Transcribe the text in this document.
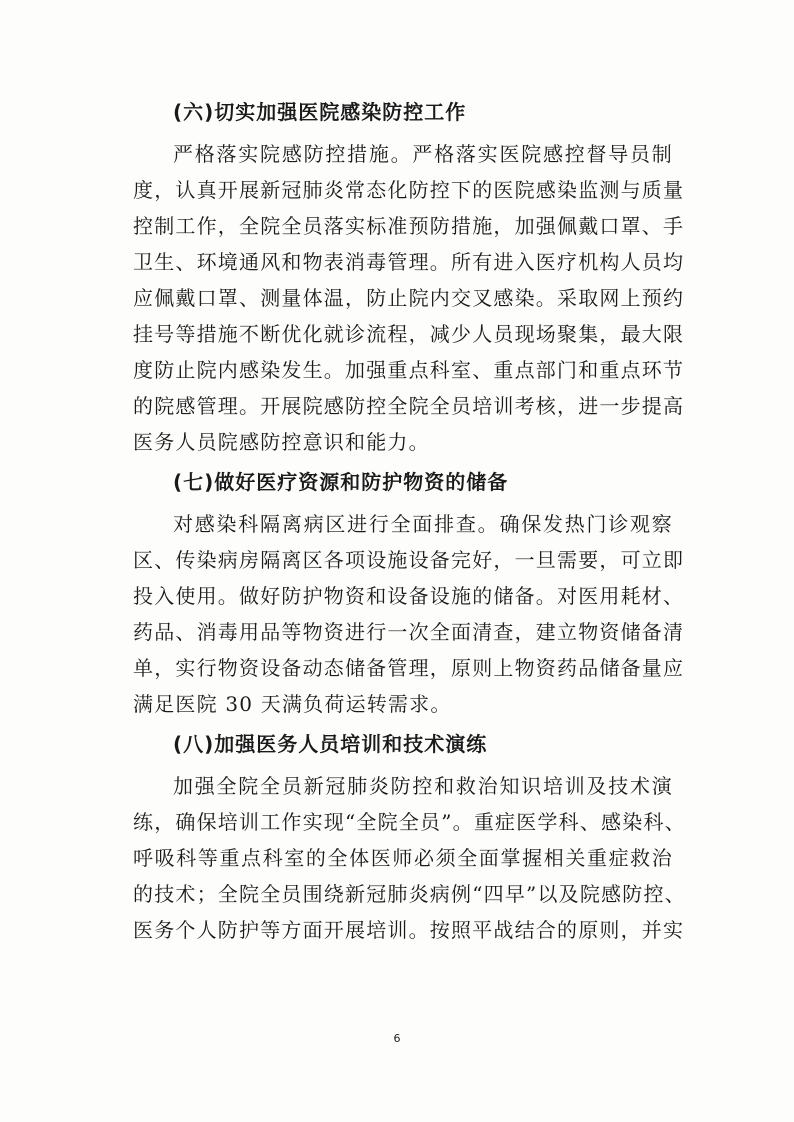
(六)切实加强医院感染防控工作

严格落实院感防控措施。严格落实医院感控督导员制
度，认真开展新冠肺炎常态化防控下的医院感染监测与质量
控制工作，全院全员落实标准预防措施，加强佩戴口罩、手
卫生、环境通风和物表消毒管理。所有进入医疗机构人员均
应佩戴口罩、测量体温，防止院内交叉感染。采取网上预约
挂号等措施不断优化就诊流程，减少人员现场聚集，最大限
度防止院内感染发生。加强重点科室、重点部门和重点环节
的院感管理。开展院感防控全院全员培训考核，进一步提高
医务人员院感防控意识和能力。

(七)做好医疗资源和防护物资的储备

对感染科隔离病区进行全面排查。确保发热门诊观察
区、传染病房隔离区各项设施设备完好，一旦需要，可立即
投入使用。做好防护物资和设备设施的储备。对医用耗材、
药品、消毒用品等物资进行一次全面清查，建立物资储备清
单，实行物资设备动态储备管理，原则上物资药品储备量应
满足医院 30 天满负荷运转需求。

(八)加强医务人员培训和技术演练

加强全院全员新冠肺炎防控和救治知识培训及技术演
练，确保培训工作实现“全院全员”。重症医学科、感染科、
呼吸科等重点科室的全体医师必须全面掌握相关重症救治
的技术；全院全员围绕新冠肺炎病例“四早”以及院感防控、
医务个人防护等方面开展培训。按照平战结合的原则，并实

6
